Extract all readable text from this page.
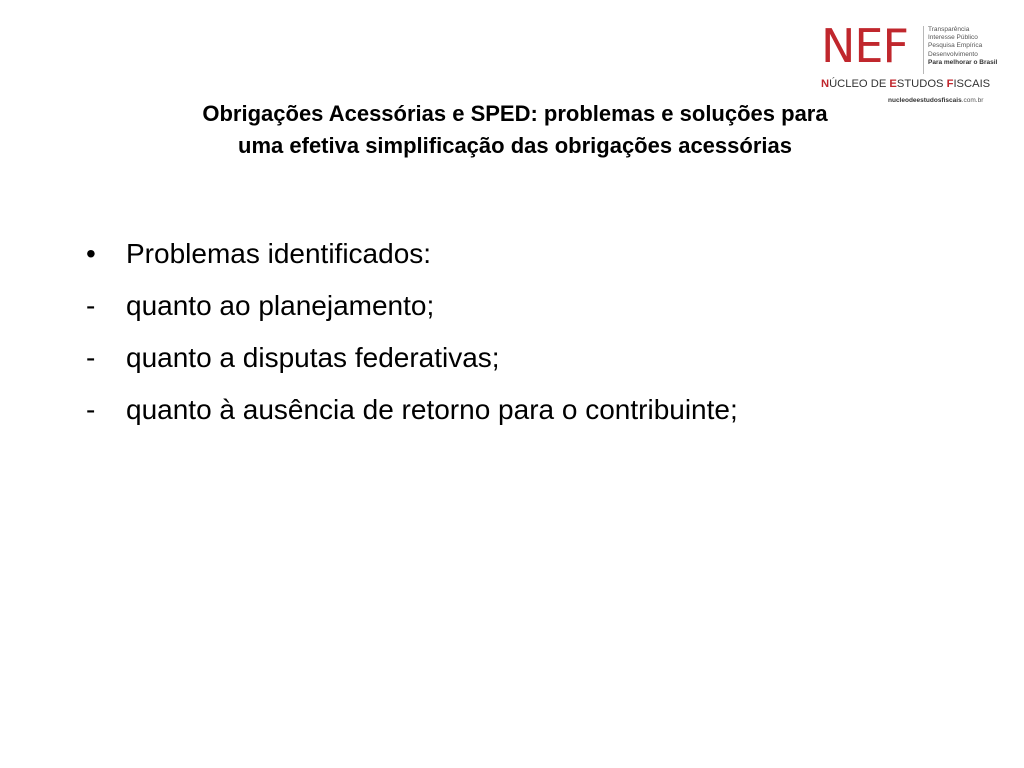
NEF	Transparência
Interesse Público
Pesquisa Empírica
Desenvolvimento
Para melhorar o Brasil
NÚCLEO DE ESTUDOS FISCAIS
nucleodeestudosfiscais.com.br
Obrigações Acessórias e SPED: problemas e soluções para
uma efetiva simplificação das obrigações acessórias
•	Problemas identificados:
-	quanto ao planejamento;
-	quanto a disputas federativas;
-	quanto à ausência de retorno para o contribuinte;
